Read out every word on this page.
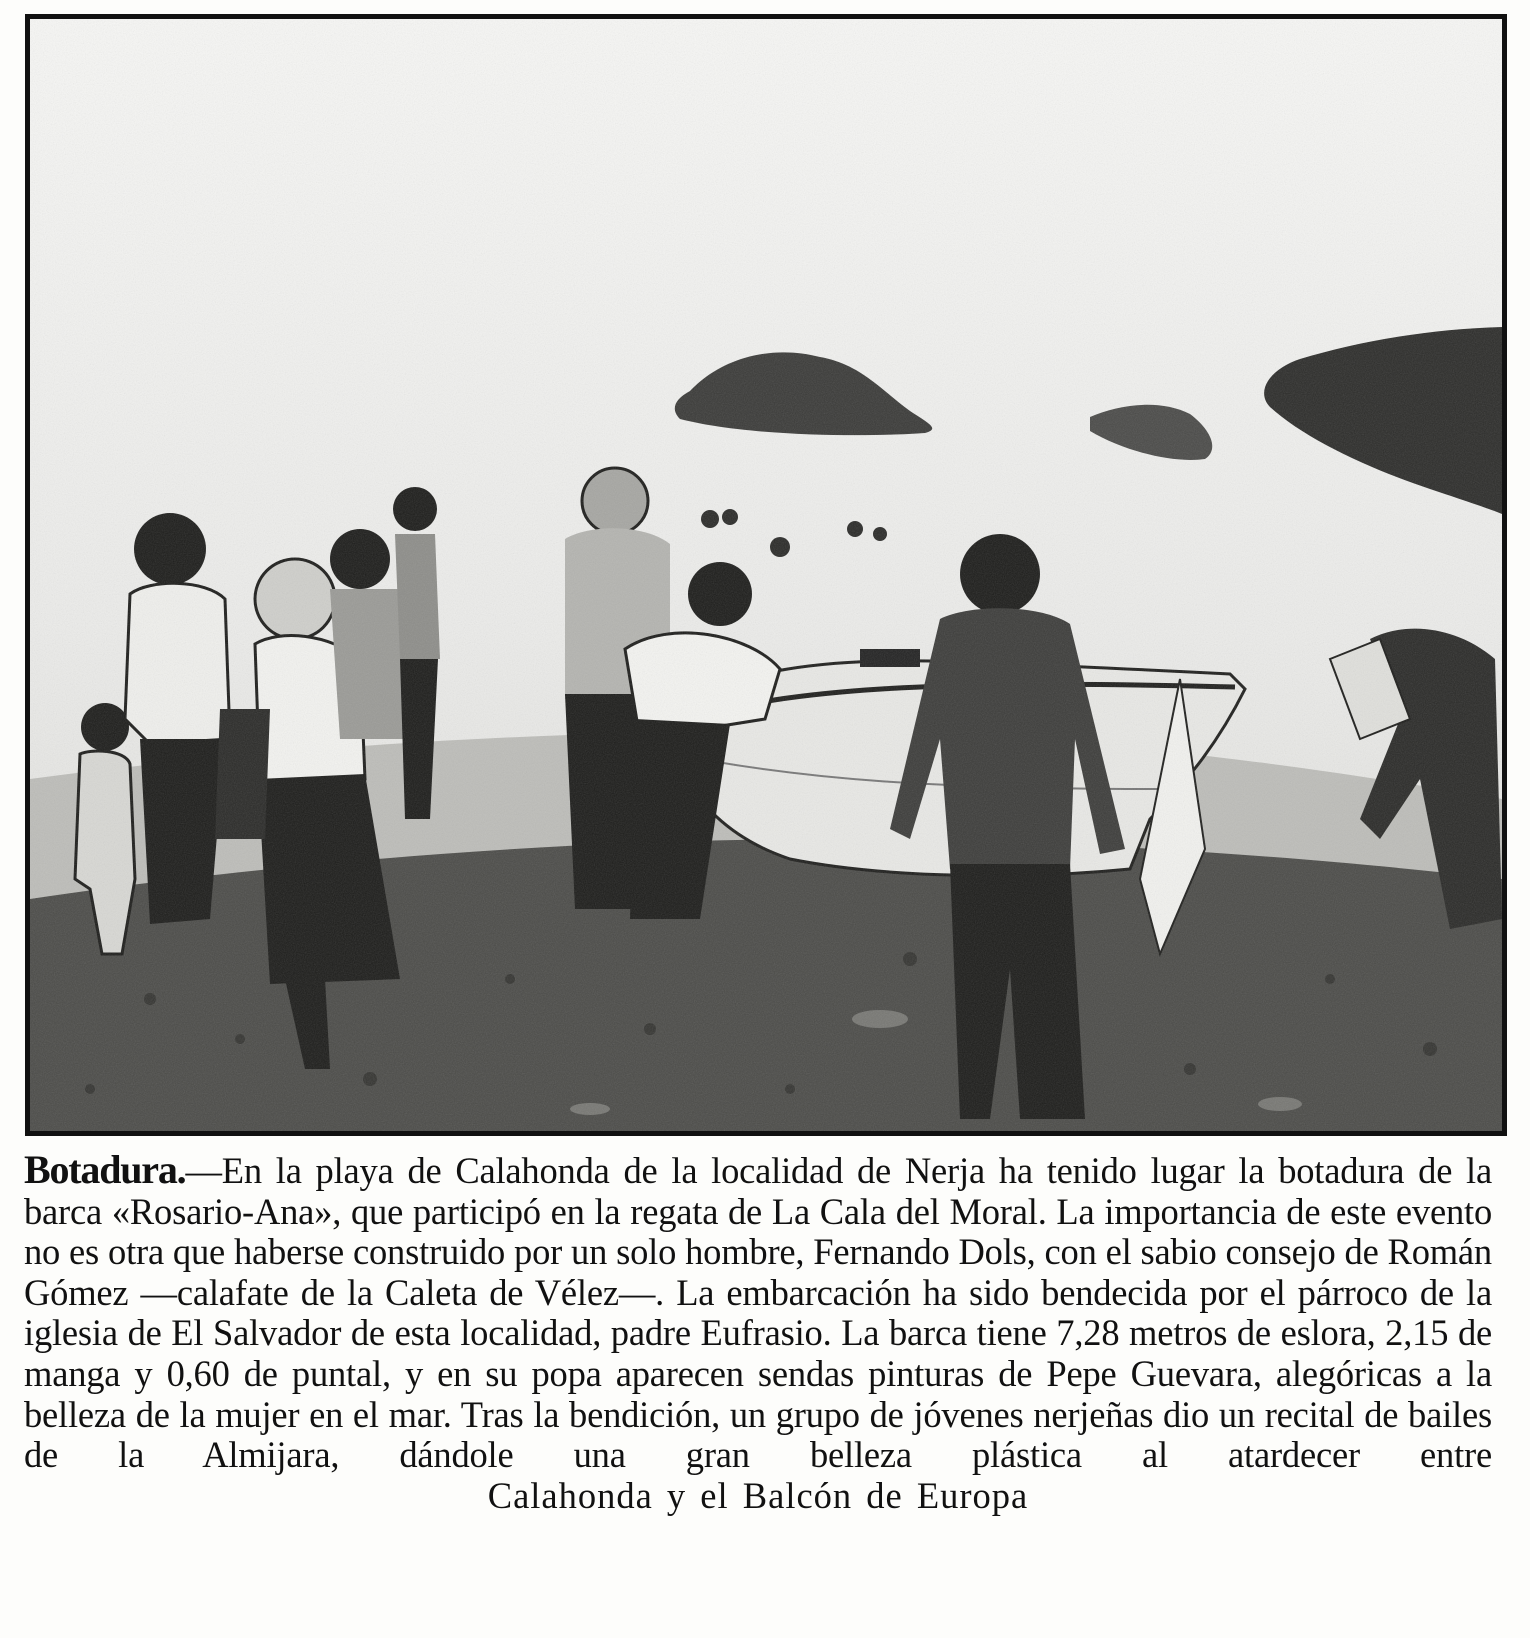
Botadura.—En la playa de Calahonda de la localidad de Nerja ha tenido lugar la botadura de la barca «Rosario-Ana», que participó en la regata de La Cala del Moral. La importancia de este evento no es otra que haberse construido por un solo hombre, Fernando Dols, con el sabio consejo de Román Gómez —calafate de la Caleta de Vélez—. La embarcación ha sido bendecida por el párroco de la iglesia de El Salvador de esta localidad, padre Eufrasio. La barca tiene 7,28 metros de eslora, 2,15 de manga y 0,60 de puntal, y en su popa aparecen sendas pinturas de Pepe Guevara, alegóricas a la belleza de la mujer en el mar. Tras la bendición, un grupo de jóvenes nerjeñas dio un recital de bailes de la Almijara, dándole una gran belleza plástica al atardecer entre
Calahonda y el Balcón de Europa
